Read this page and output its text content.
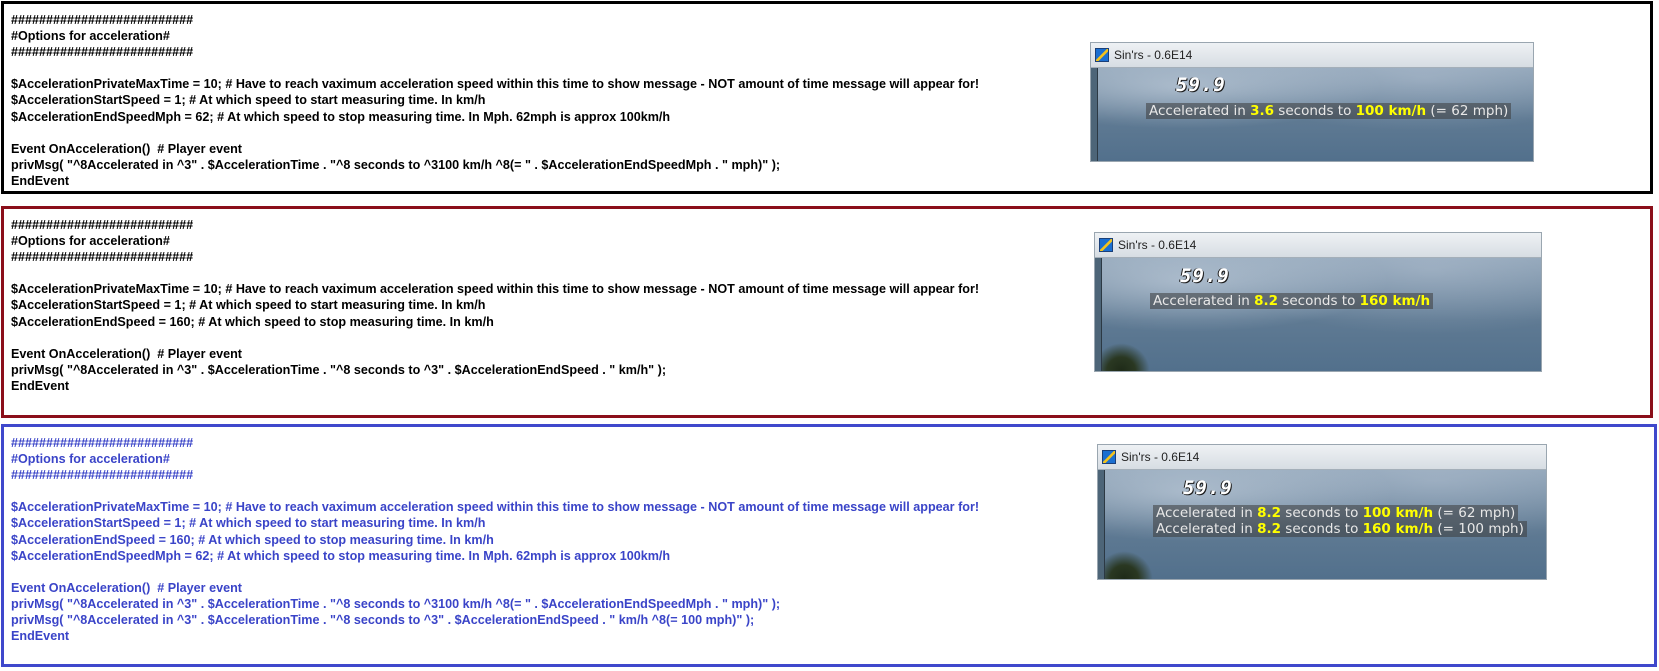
##########################
#Options for acceleration#
##########################
$AccelerationPrivateMaxTime = 10; # Have to reach vaximum acceleration speed within this time to show message - NOT amount of time message will appear for!
$AccelerationStartSpeed = 1; # At which speed to start measuring time. In km/h
$AccelerationEndSpeedMph = 62; # At which speed to stop measuring time. In Mph. 62mph is approx 100km/h
Event OnAcceleration()  # Player event
privMsg( "^8Accelerated in ^3" . $AccelerationTime . "^8 seconds to ^3100 km/h ^8(= " . $AccelerationEndSpeedMph . " mph)" );
EndEvent
Sin'rs - 0.6E14
59.9
Accelerated in 3.6 seconds to 100 km/h (= 62 mph)
##########################
#Options for acceleration#
##########################
$AccelerationPrivateMaxTime = 10; # Have to reach vaximum acceleration speed within this time to show message - NOT amount of time message will appear for!
$AccelerationStartSpeed = 1; # At which speed to start measuring time. In km/h
$AccelerationEndSpeed = 160; # At which speed to stop measuring time. In km/h
Event OnAcceleration()  # Player event
privMsg( "^8Accelerated in ^3" . $AccelerationTime . "^8 seconds to ^3" . $AccelerationEndSpeed . " km/h" );
EndEvent
Sin'rs - 0.6E14
59.9
Accelerated in 8.2 seconds to 160 km/h
##########################
#Options for acceleration#
##########################
$AccelerationPrivateMaxTime = 10; # Have to reach vaximum acceleration speed within this time to show message - NOT amount of time message will appear for!
$AccelerationStartSpeed = 1; # At which speed to start measuring time. In km/h
$AccelerationEndSpeed = 160; # At which speed to stop measuring time. In km/h
$AccelerationEndSpeedMph = 62; # At which speed to stop measuring time. In Mph. 62mph is approx 100km/h
Event OnAcceleration()  # Player event
privMsg( "^8Accelerated in ^3" . $AccelerationTime . "^8 seconds to ^3100 km/h ^8(= " . $AccelerationEndSpeedMph . " mph)" );
privMsg( "^8Accelerated in ^3" . $AccelerationTime . "^8 seconds to ^3" . $AccelerationEndSpeed . " km/h ^8(= 100 mph)" );
EndEvent
Sin'rs - 0.6E14
59.9
Accelerated in 8.2 seconds to 100 km/h (= 62 mph)
Accelerated in 8.2 seconds to 160 km/h (= 100 mph)
